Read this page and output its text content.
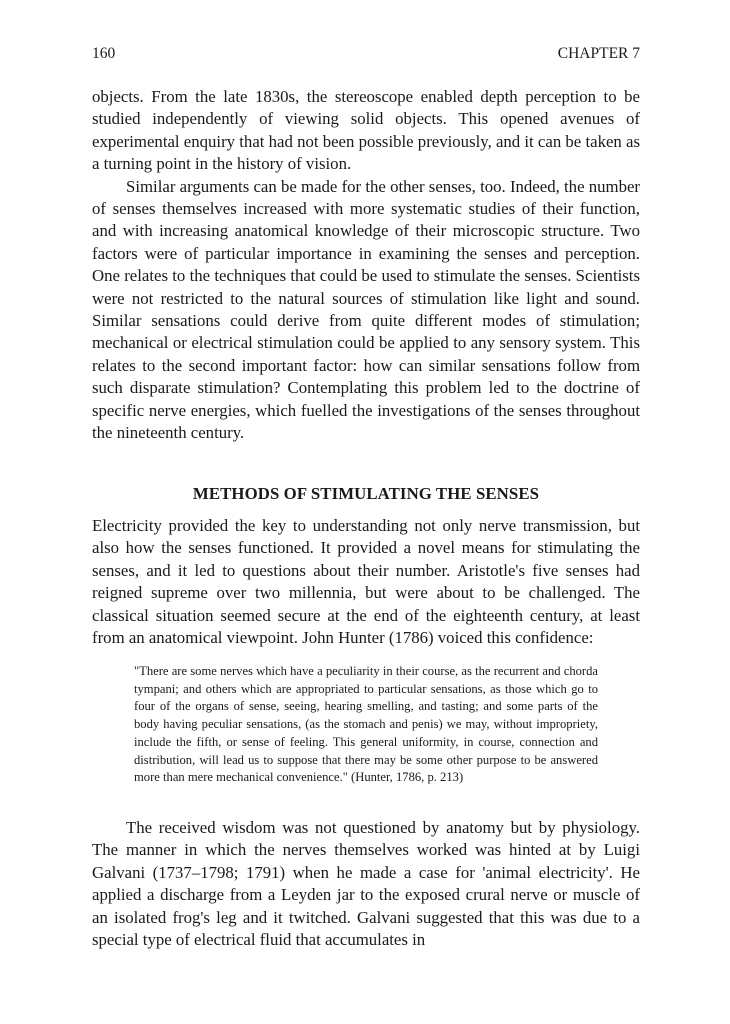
160	CHAPTER 7

objects. From the late 1830s, the stereoscope enabled depth perception to be studied independently of viewing solid objects. This opened avenues of experimental enquiry that had not been possible previously, and it can be taken as a turning point in the history of vision.

Similar arguments can be made for the other senses, too. Indeed, the number of senses themselves increased with more systematic studies of their function, and with increasing anatomical knowledge of their microscopic structure. Two factors were of particular importance in examining the senses and perception. One relates to the techniques that could be used to stimulate the senses. Scientists were not restricted to the natural sources of stimulation like light and sound. Similar sensations could derive from quite different modes of stimulation; mechanical or electrical stimulation could be applied to any sensory system. This relates to the second important factor: how can similar sensations follow from such disparate stimulation? Contemplating this problem led to the doctrine of specific nerve energies, which fuelled the investigations of the senses throughout the nineteenth century.

METHODS OF STIMULATING THE SENSES

Electricity provided the key to understanding not only nerve transmission, but also how the senses functioned. It provided a novel means for stimulating the senses, and it led to questions about their number. Aristotle's five senses had reigned supreme over two millennia, but were about to be challenged. The classical situation seemed secure at the end of the eighteenth century, at least from an anatomical viewpoint. John Hunter (1786) voiced this confidence:

"There are some nerves which have a peculiarity in their course, as the recurrent and chorda tympani; and others which are appropriated to particular sensations, as those which go to four of the organs of sense, seeing, hearing smelling, and tasting; and some parts of the body having peculiar sensations, (as the stomach and penis) we may, without impropriety, include the fifth, or sense of feeling. This general uniformity, in course, connection and distribution, will lead us to suppose that there may be some other purpose to be answered more than mere mechanical convenience." (Hunter, 1786, p. 213)

The received wisdom was not questioned by anatomy but by physiology. The manner in which the nerves themselves worked was hinted at by Luigi Galvani (1737–1798; 1791) when he made a case for 'animal electricity'. He applied a discharge from a Leyden jar to the exposed crural nerve or muscle of an isolated frog's leg and it twitched. Galvani suggested that this was due to a special type of electrical fluid that accumulates in
